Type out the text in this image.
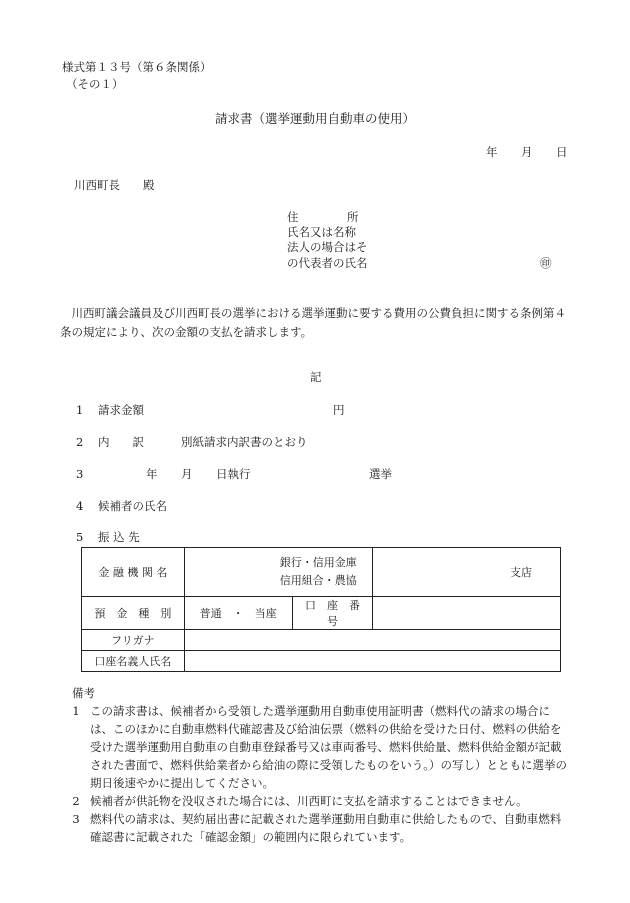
様式第１３号（第６条関係）
（その１）
請求書（選挙運動用自動車の使用）
年 月 日
川西町長　　殿
住　　　　所
氏名又は名称
法人の場合はそ
の代表者の氏名	㊞
川西町議会議員及び川西町長の選挙における選挙運動に要する費用の公費負担に関する条例第４条の規定により、次の金額の支払を請求します。
記
1 請求金額	円
2 内　　訳	別紙請求内訳書のとおり
3	年 月 日執行	選挙
4 候補者の氏名
5 振 込 先
金 融 機 関 名	銀行・信用金庫
信用組合・農協		支店
預　金　種　別	普通　・　当座	口　座　番　号	
フリガナ			
口座名義人氏名			
備考
1 この請求書は、候補者から受領した選挙運動用自動車使用証明書（燃料代の請求の場合には、このほかに自動車燃料代確認書及び給油伝票（燃料の供給を受けた日付、燃料の供給を受けた選挙運動用自動車の自動車登録番号又は車両番号、燃料供給量、燃料供給金額が記載された書面で、燃料供給業者から給油の際に受領したものをいう。）の写し）とともに選挙の期日後速やかに提出してください。
2 候補者が供託物を没収された場合には、川西町に支払を請求することはできません。
3 燃料代の請求は、契約届出書に記載された選挙運動用自動車に供給したもので、自動車燃料確認書に記載された「確認金額」の範囲内に限られています。
